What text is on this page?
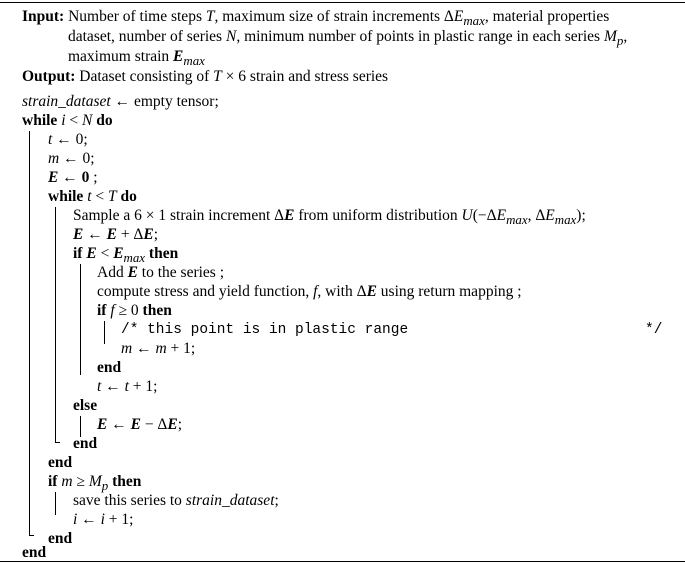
Input: Number of time steps T, maximum size of strain increments $\Delta E_{max}$, material properties
dataset, number of series N, minimum number of points in plastic range in each series $M_p$,
maximum strain $E_{max}$
Output: Dataset consisting of T × 6 strain and stress series
strain_dataset ← empty tensor;
while i < N do
t ← 0;
m ← 0;
E ← 0 ;
while t < T do
Sample a 6 × 1 strain increment ΔE from uniform distribution $U(-\Delta E_{max}$, $\Delta E_{max}$);
E ← E + ΔE;
if $E < E_{max}$ then
Add E to the series ;
compute stress and yield function, f, with ΔE using return mapping ;
if f ≥ 0 then
/* this point is in plastic range	*/
m ← m + 1;
end
t ← t + 1;
else
E ← E − ΔE;
end
end
if $m \ge M_p$ then
save this series to strain_dataset;
i ← i + 1;
end
end
